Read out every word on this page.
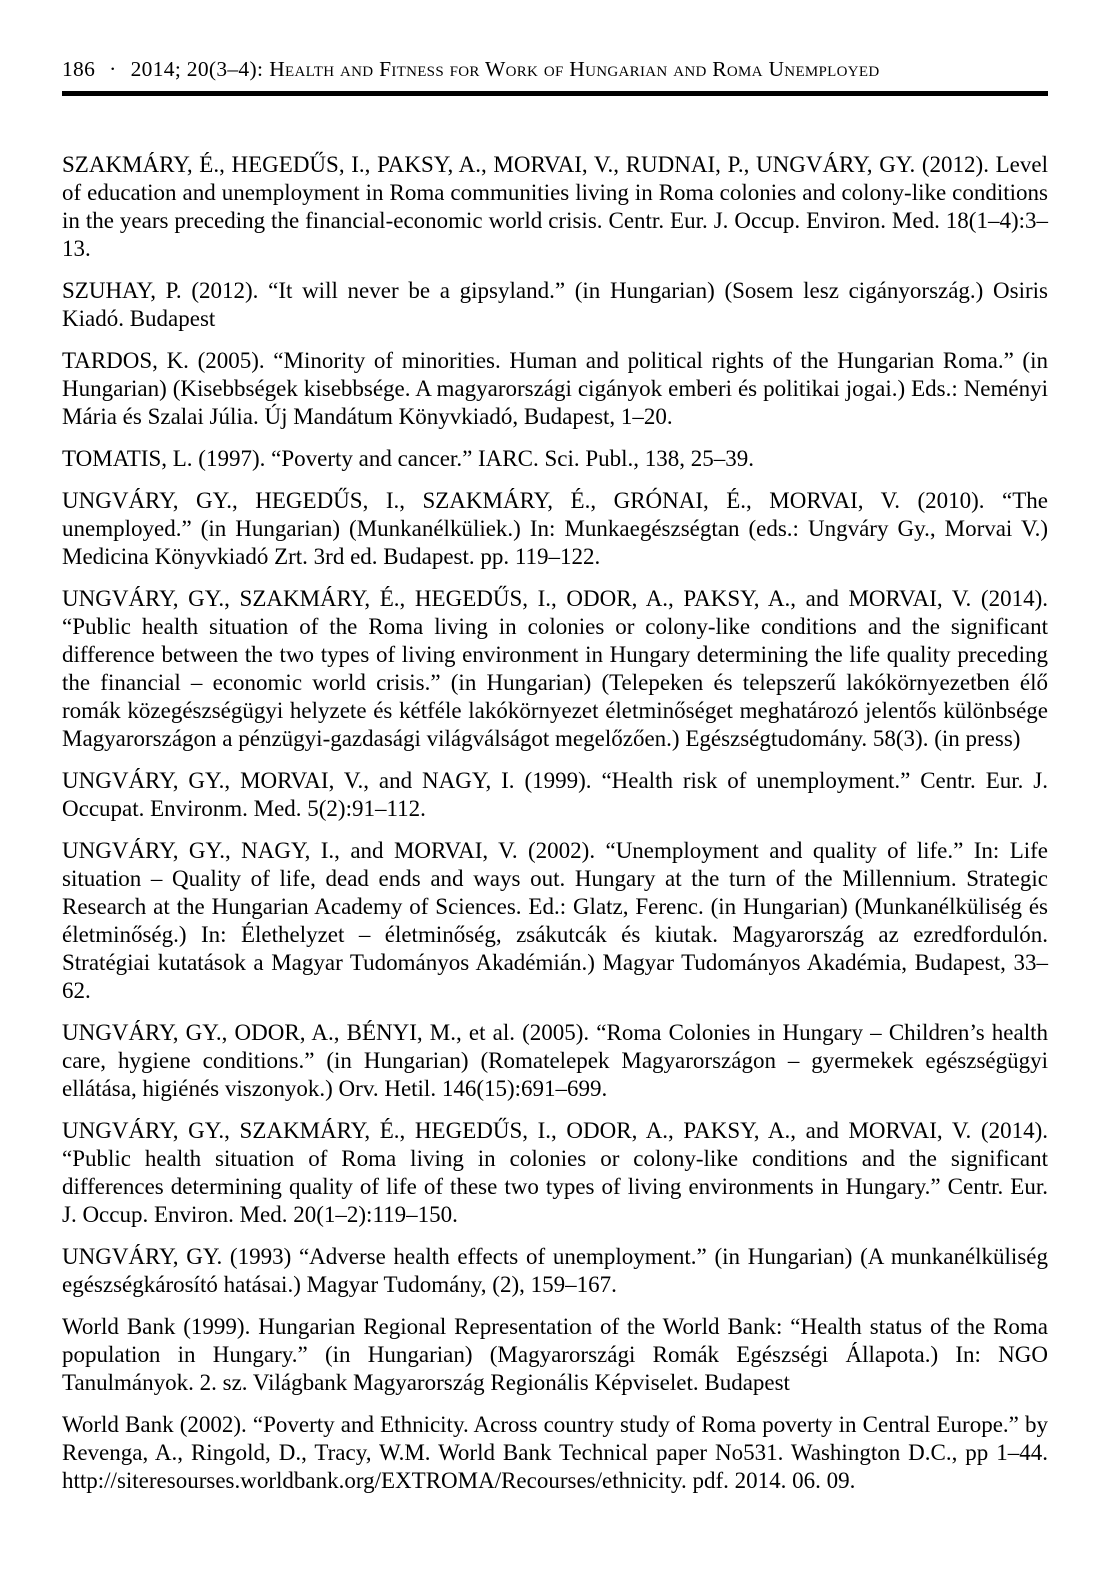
186 · 2014; 20(3–4): Health and Fitness for Work of Hungarian and Roma Unemployed

SZAKMÁRY, É., HEGEDŰS, I., PAKSY, A., MORVAI, V., RUDNAI, P., UNGVÁRY, GY. (2012). Level of education and unemployment in Roma communities living in Roma colonies and colony-like conditions in the years preceding the financial-economic world crisis. Centr. Eur. J. Occup. Environ. Med. 18(1–4):3–13.

SZUHAY, P. (2012). “It will never be a gipsyland.” (in Hungarian) (Sosem lesz cigányország.) Osiris Kiadó. Budapest

TARDOS, K. (2005). “Minority of minorities. Human and political rights of the Hungarian Roma.” (in Hungarian) (Kisebbségek kisebbsége. A magyarországi cigányok emberi és politikai jogai.) Eds.: Neményi Mária és Szalai Júlia. Új Mandátum Könyvkiadó, Budapest, 1–20.

TOMATIS, L. (1997). “Poverty and cancer.” IARC. Sci. Publ., 138, 25–39.

UNGVÁRY, GY., HEGEDŰS, I., SZAKMÁRY, É., GRÓNAI, É., MORVAI, V. (2010). “The unemployed.” (in Hungarian) (Munkanélküliek.) In: Munkaegészségtan (eds.: Ungváry Gy., Morvai V.) Medicina Könyvkiadó Zrt. 3rd ed. Budapest. pp. 119–122.

UNGVÁRY, GY., SZAKMÁRY, É., HEGEDŰS, I., ODOR, A., PAKSY, A., and MORVAI, V. (2014). “Public health situation of the Roma living in colonies or colony-like conditions and the significant difference between the two types of living environment in Hungary determining the life quality preceding the financial – economic world crisis.” (in Hungarian) (Telepeken és telepszerű lakókörnyezetben élő romák közegészségügyi helyzete és kétféle lakókörnyezet életminőséget meghatározó jelentős különbsége Magyarországon a pénzügyi-gazdasági világválságot megelőzően.) Egészségtudomány. 58(3). (in press)

UNGVÁRY, GY., MORVAI, V., and NAGY, I. (1999). “Health risk of unemployment.” Centr. Eur. J. Occupat. Environm. Med. 5(2):91–112.

UNGVÁRY, GY., NAGY, I., and MORVAI, V. (2002). “Unemployment and quality of life.” In: Life situation – Quality of life, dead ends and ways out. Hungary at the turn of the Millennium. Strategic Research at the Hungarian Academy of Sciences. Ed.: Glatz, Ferenc. (in Hungarian) (Munkanélküliség és életminőség.) In: Élethelyzet – életminőség, zsákutcák és kiutak. Magyarország az ezredfordulón. Stratégiai kutatások a Magyar Tudományos Akadémián.) Magyar Tudományos Akadémia, Budapest, 33–62.

UNGVÁRY, GY., ODOR, A., BÉNYI, M., et al. (2005). “Roma Colonies in Hungary – Children’s health care, hygiene conditions.” (in Hungarian) (Romatelepek Magyarországon – gyermekek egészségügyi ellátása, higiénés viszonyok.) Orv. Hetil. 146(15):691–699.

UNGVÁRY, GY., SZAKMÁRY, É., HEGEDŰS, I., ODOR, A., PAKSY, A., and MORVAI, V. (2014). “Public health situation of Roma living in colonies or colony-like conditions and the significant differences determining quality of life of these two types of living environments in Hungary.” Centr. Eur. J. Occup. Environ. Med. 20(1–2):119–150.

UNGVÁRY, GY. (1993) “Adverse health effects of unemployment.” (in Hungarian) (A munkanélküliség egészségkárosító hatásai.) Magyar Tudomány, (2), 159–167.

World Bank (1999). Hungarian Regional Representation of the World Bank: “Health status of the Roma population in Hungary.” (in Hungarian) (Magyarországi Romák Egészségi Állapota.) In: NGO Tanulmányok. 2. sz. Világbank Magyarország Regionális Képviselet. Budapest

World Bank (2002). “Poverty and Ethnicity. Across country study of Roma poverty in Central Europe.” by Revenga, A., Ringold, D., Tracy, W.M. World Bank Technical paper No531. Washington D.C., pp 1–44. http://siteresourses.worldbank.org/EXTROMA/Recourses/ethnicity. pdf. 2014. 06. 09.
